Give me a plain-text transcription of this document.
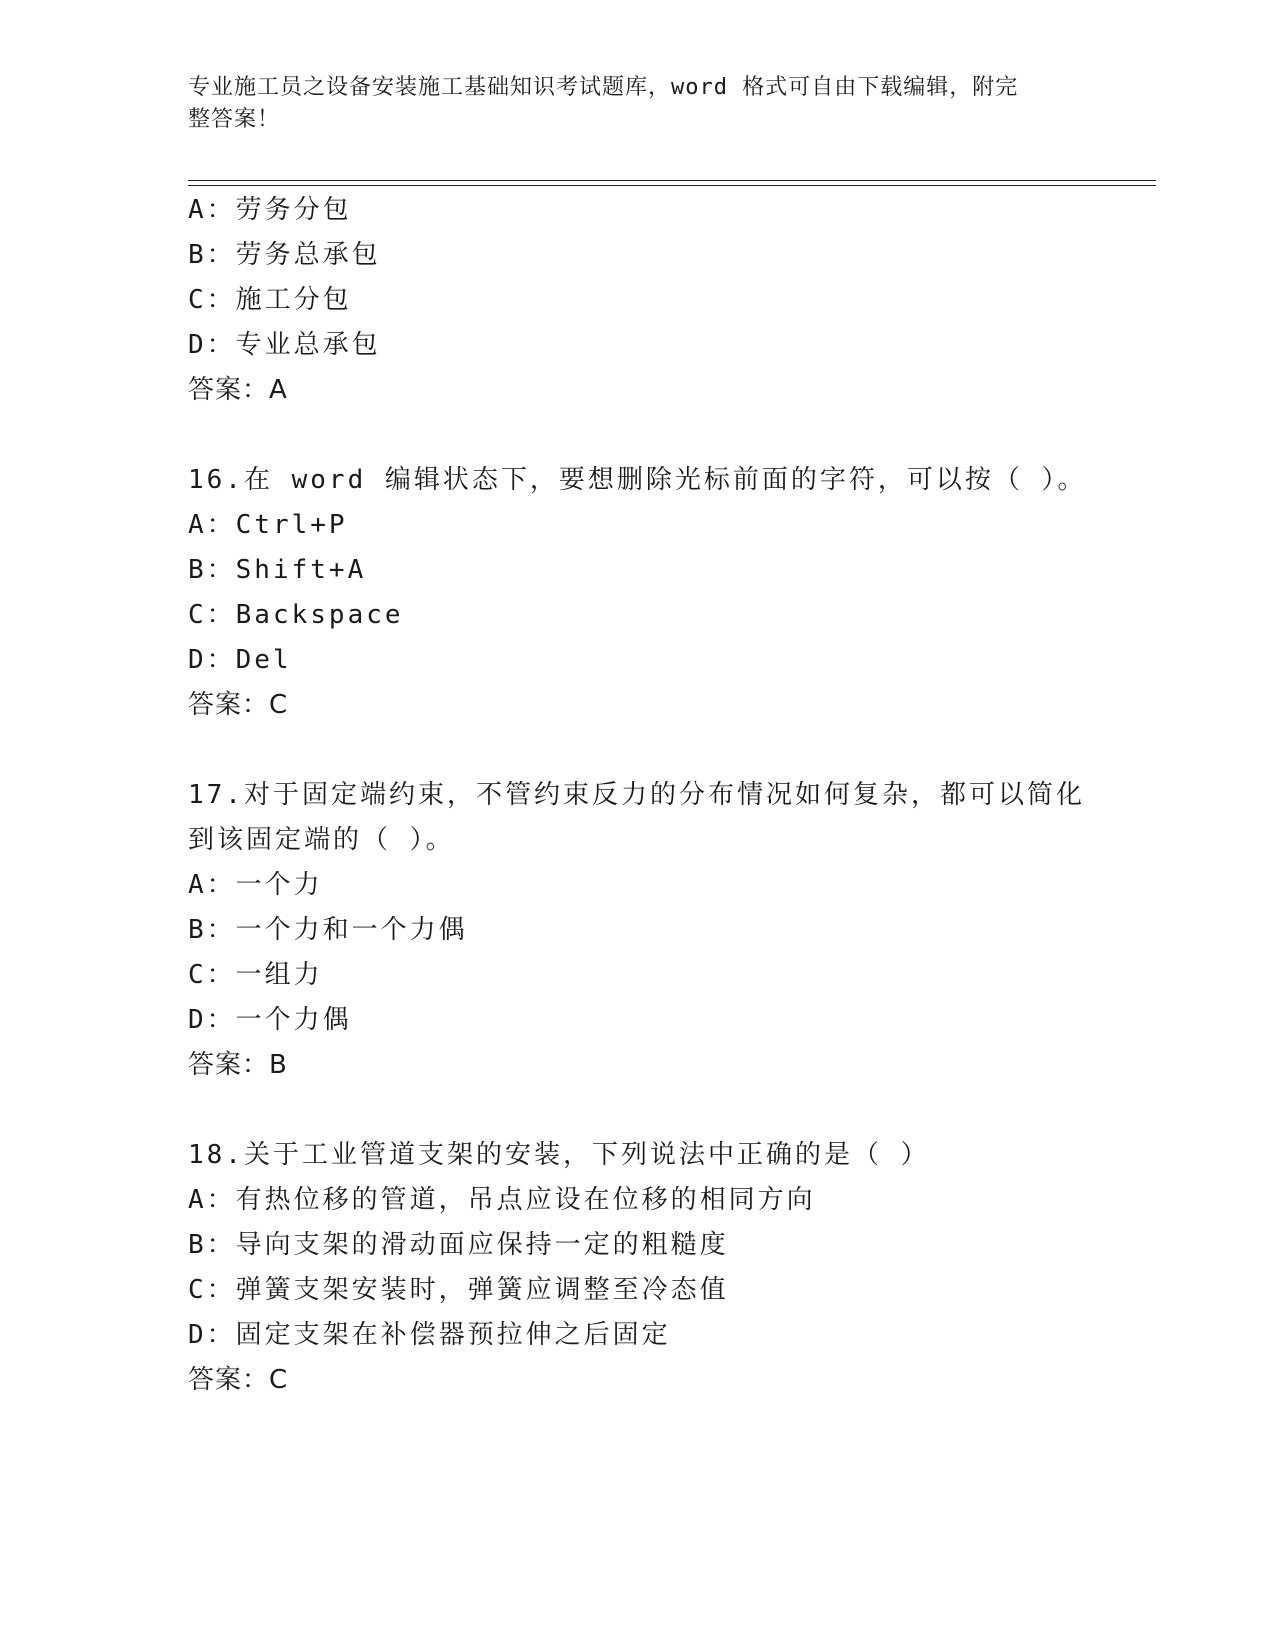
专业施工员之设备安装施工基础知识考试题库，word 格式可自由下载编辑，附完
整答案！
A：劳务分包
B：劳务总承包
C：施工分包
D：专业总承包
答案：A
16.在 word 编辑状态下，要想删除光标前面的字符，可以按（ ）。
A：Ctrl+P
B：Shift+A
C：Backspace
D：Del
答案：C
17.对于固定端约束，不管约束反力的分布情况如何复杂，都可以简化
到该固定端的（ ）。
A：一个力
B：一个力和一个力偶
C：一组力
D：一个力偶
答案：B
18.关于工业管道支架的安装，下列说法中正确的是（ ）
A：有热位移的管道，吊点应设在位移的相同方向
B：导向支架的滑动面应保持一定的粗糙度
C：弹簧支架安装时，弹簧应调整至冷态值
D：固定支架在补偿器预拉伸之后固定
答案：C
